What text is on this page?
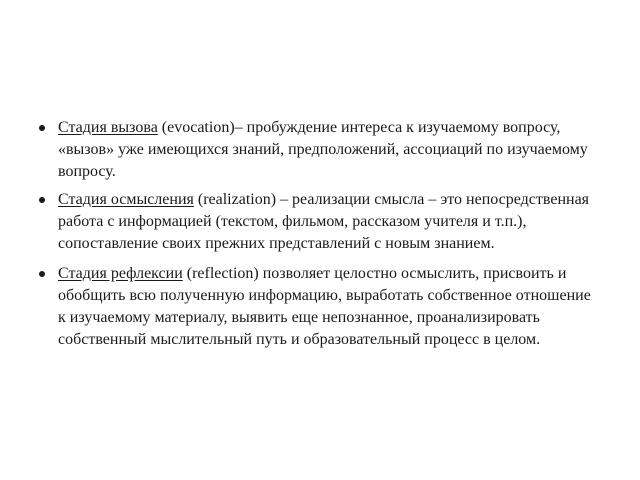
Стадия вызова (evocation)– пробуждение интереса к изучаемому вопросу, «вызов» уже имеющихся знаний, предположений, ассоциаций по изучаемому вопросу.
Стадия осмысления (realization) – реализации смысла – это непосредственная работа с информацией (текстом, фильмом, рассказом учителя и т.п.), сопоставление своих прежних представлений с новым знанием.
Стадия рефлексии (reflection) позволяет целостно осмыслить, присвоить и обобщить всю полученную информацию, выработать собственное отношение к изучаемому материалу, выявить еще непознанное, проанализировать собственный мыслительный путь и образовательный процесс в целом.
